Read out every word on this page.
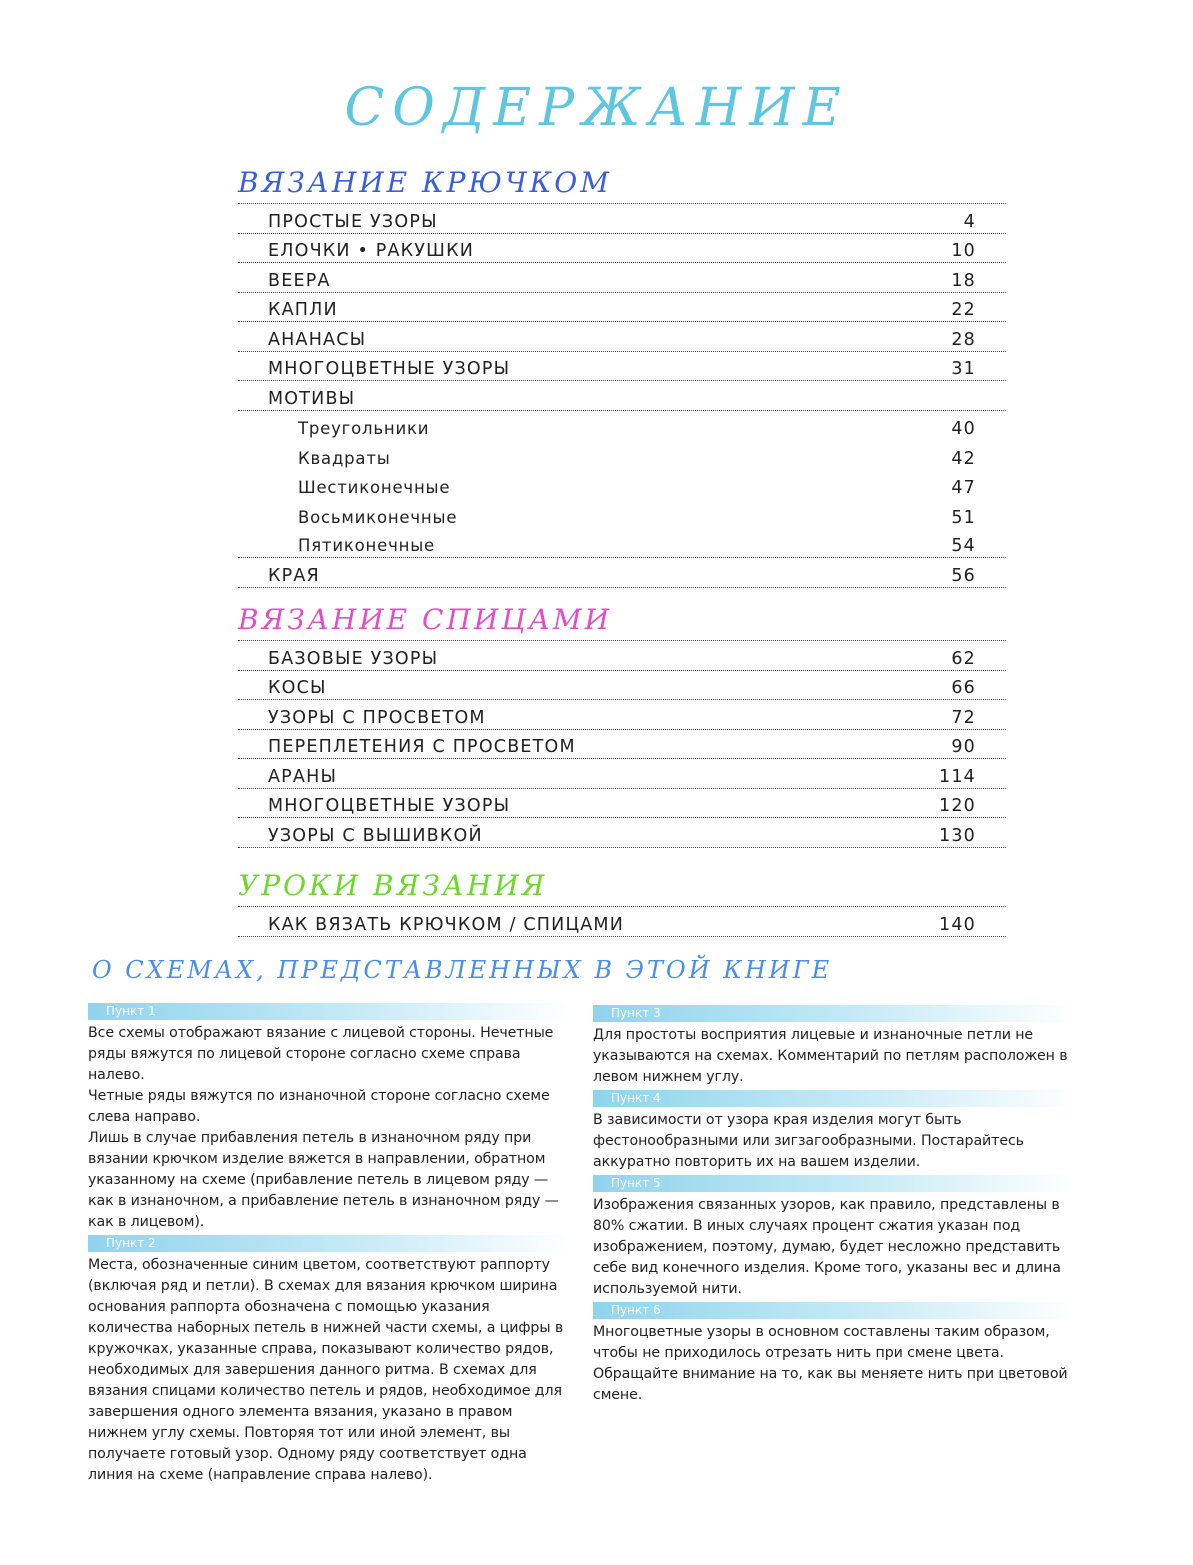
СОДЕРЖАНИЕ
ВЯЗАНИЕ КРЮЧКОМ
ПРОСТЫЕ УЗОРЫ	4
ЕЛОЧКИ • РАКУШКИ	10
ВЕЕРА	18
КАПЛИ	22
АНАНАСЫ	28
МНОГОЦВЕТНЫЕ УЗОРЫ	31
МОТИВЫ
Треугольники	40
Квадраты	42
Шестиконечные	47
Восьмиконечные	51
Пятиконечные	54
КРАЯ	56
ВЯЗАНИЕ СПИЦАМИ
БАЗОВЫЕ УЗОРЫ	62
КОСЫ	66
УЗОРЫ С ПРОСВЕТОМ	72
ПЕРЕПЛЕТЕНИЯ С ПРОСВЕТОМ	90
АРАНЫ	114
МНОГОЦВЕТНЫЕ УЗОРЫ	120
УЗОРЫ С ВЫШИВКОЙ	130
УРОКИ ВЯЗАНИЯ
КАК ВЯЗАТЬ КРЮЧКОМ / СПИЦАМИ	140
О СХЕМАХ, ПРЕДСТАВЛЕННЫХ В ЭТОЙ КНИГЕ
Пункт 1

Все схемы отображают вязание с лицевой стороны. Нечетные ряды вяжутся по лицевой стороне согласно схеме справа налево.

Четные ряды вяжутся по изнаночной стороне согласно схеме слева направо.

Лишь в случае прибавления петель в изнаночном ряду при вязании крючком изделие вяжется в направлении, обратном указанному на схеме (прибавление петель в лицевом ряду — как в изнаночном, а прибавление петель в изнаночном ряду — как в лицевом).

Пункт 2

Места, обозначенные синим цветом, соответствуют раппорту (включая ряд и петли). В схемах для вязания крючком ширина основания раппорта обозначена с помощью указания количества наборных петель в нижней части схемы, а цифры в кружочках, указанные справа, показывают количество рядов, необходимых для завершения данного ритма. В схемах для вязания спицами количество петель и рядов, необходимое для завершения одного элемента вязания, указано в правом нижнем углу схемы. Повторяя тот или иной элемент, вы получаете готовый узор. Одному ряду соответствует одна линия на схеме (направление справа налево).

Пункт 3

Для простоты восприятия лицевые и изнаночные петли не указываются на схемах. Комментарий по петлям расположен в левом нижнем углу.

Пункт 4

В зависимости от узора края изделия могут быть фестонообразными или зигзагообразными. Постарайтесь аккуратно повторить их на вашем изделии.

Пункт 5

Изображения связанных узоров, как правило, представлены в 80% сжатии. В иных случаях процент сжатия указан под изображением, поэтому, думаю, будет несложно представить себе вид конечного изделия. Кроме того, указаны вес и длина используемой нити.

Пункт 6

Многоцветные узоры в основном составлены таким образом, чтобы не приходилось отрезать нить при смене цвета. Обращайте внимание на то, как вы меняете нить при цветовой смене.
